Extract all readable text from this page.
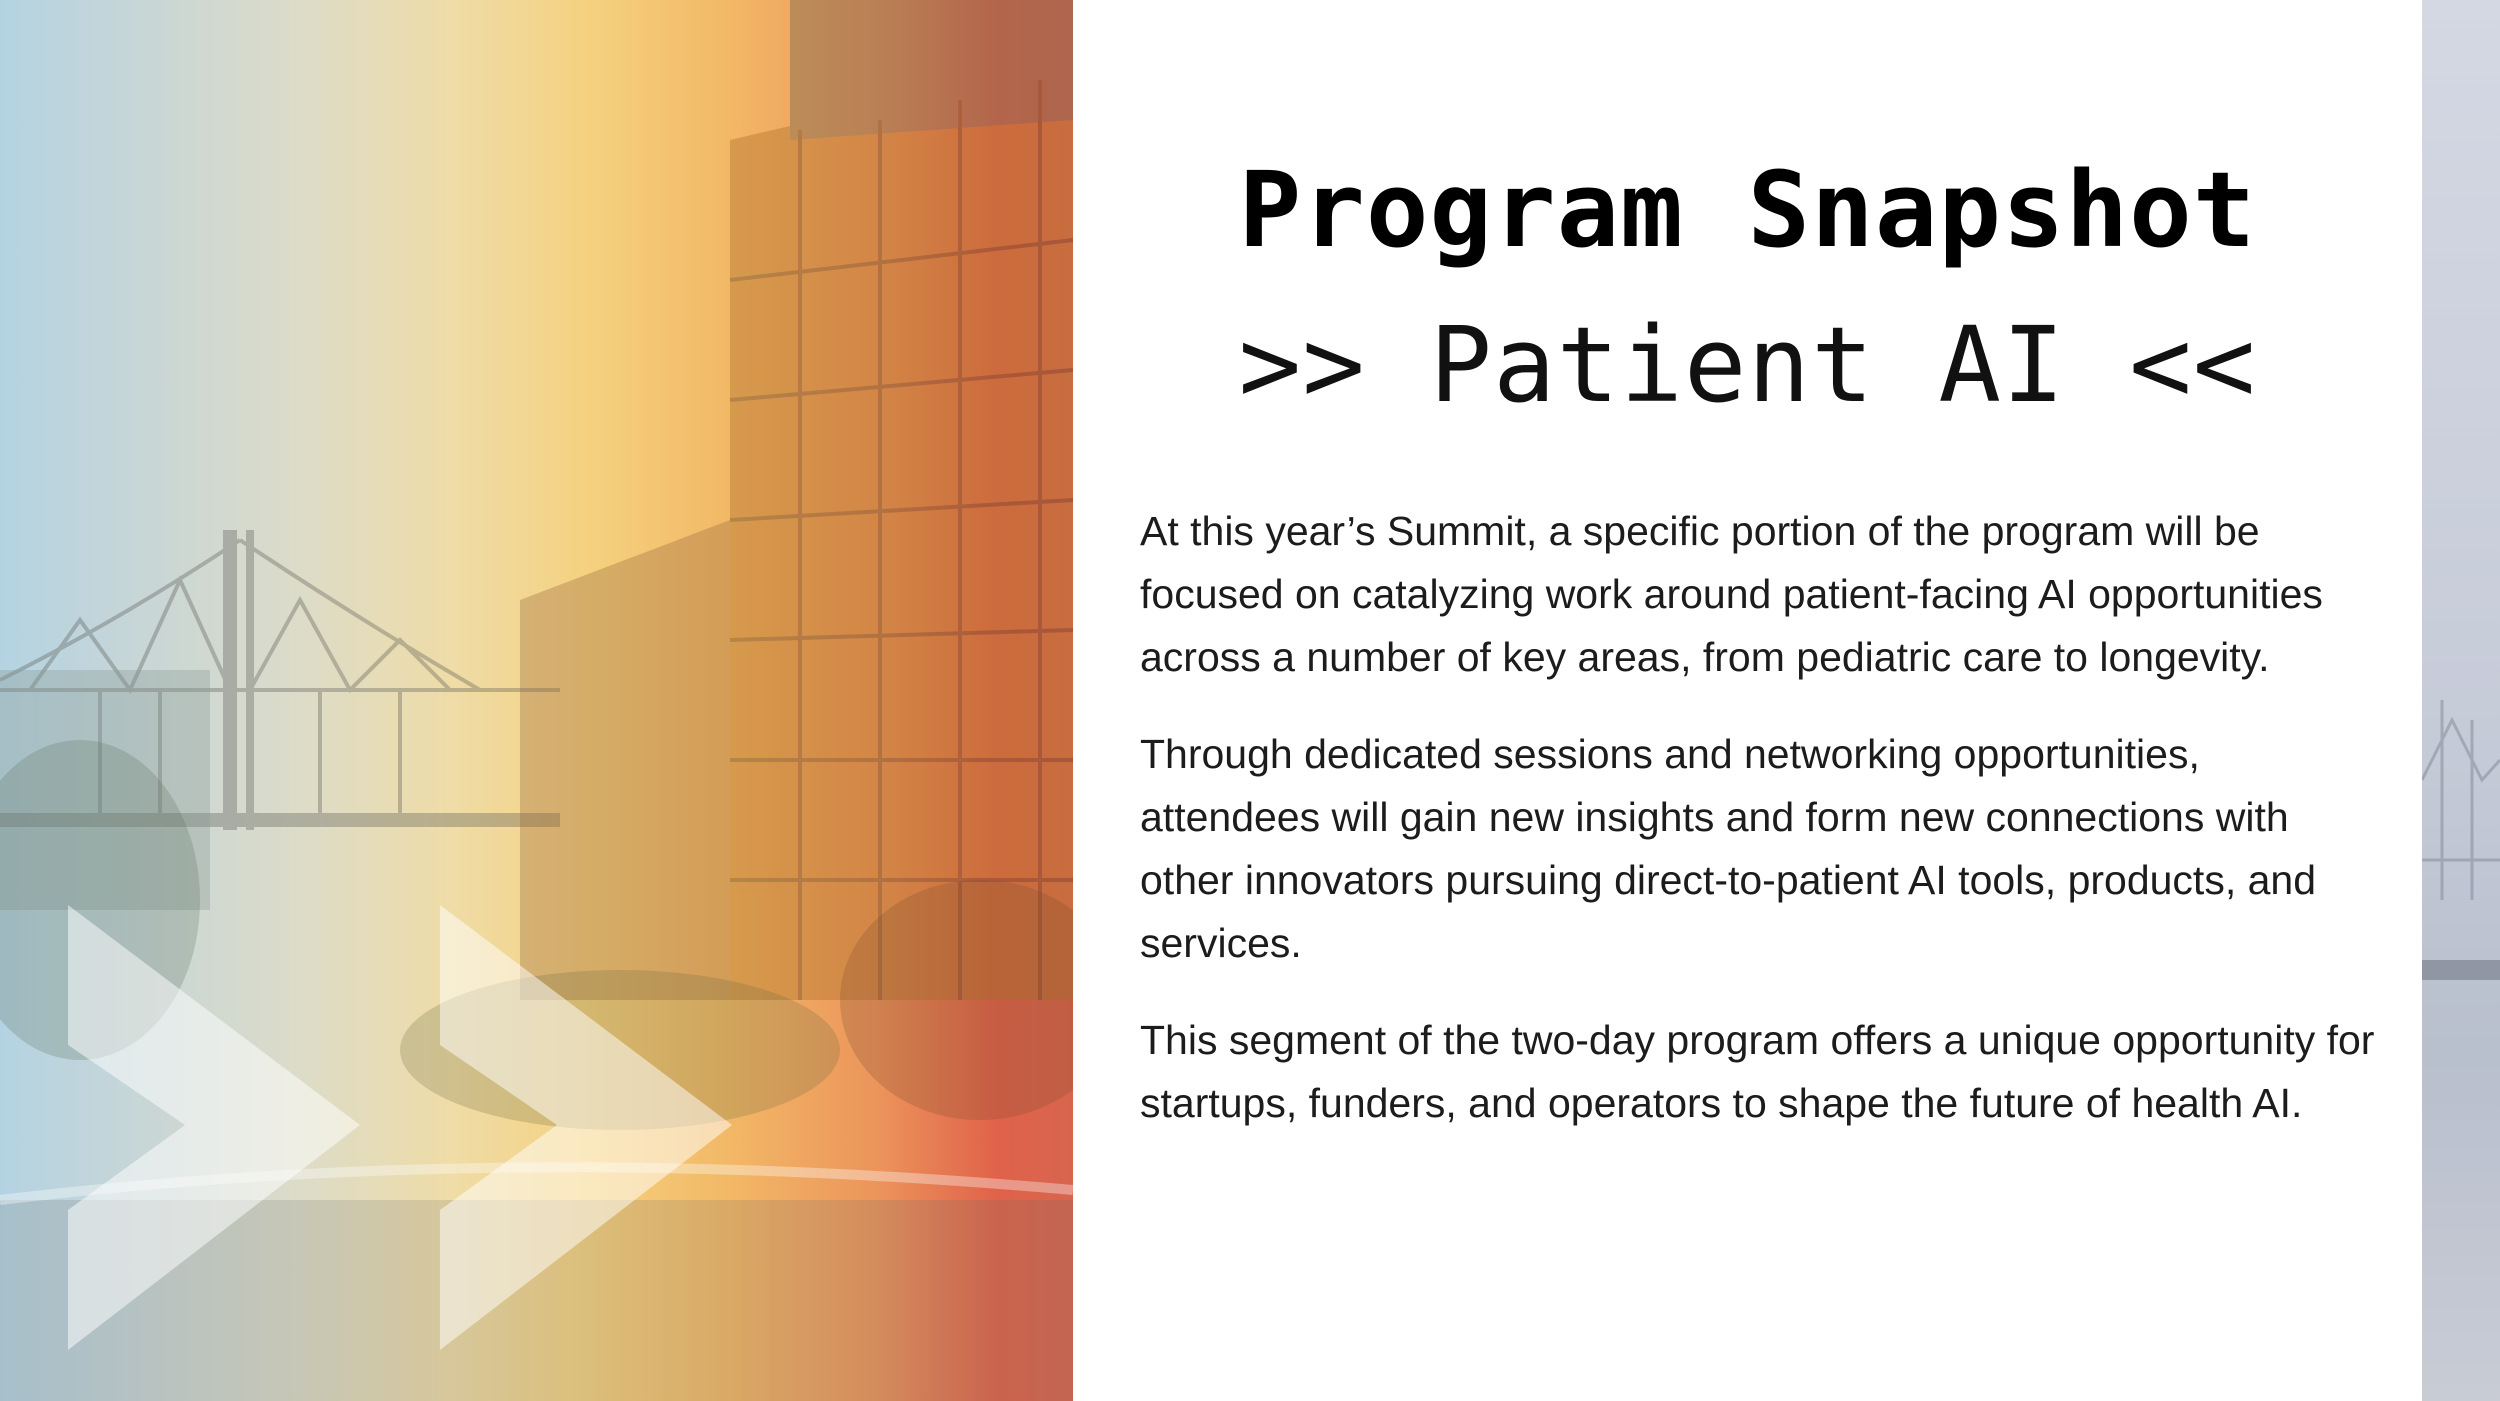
Program Snapshot
>> Patient AI <<

At this year’s Summit, a specific portion of the program will be focused on catalyzing work around patient-facing AI opportunities across a number of key areas, from pediatric care to longevity.

Through dedicated sessions and networking opportunities, attendees will gain new insights and form new connections with other innovators pursuing direct-to-patient AI tools, products, and services.

This segment of the two-day program offers a unique opportunity for startups, funders, and operators to shape the future of health AI.
